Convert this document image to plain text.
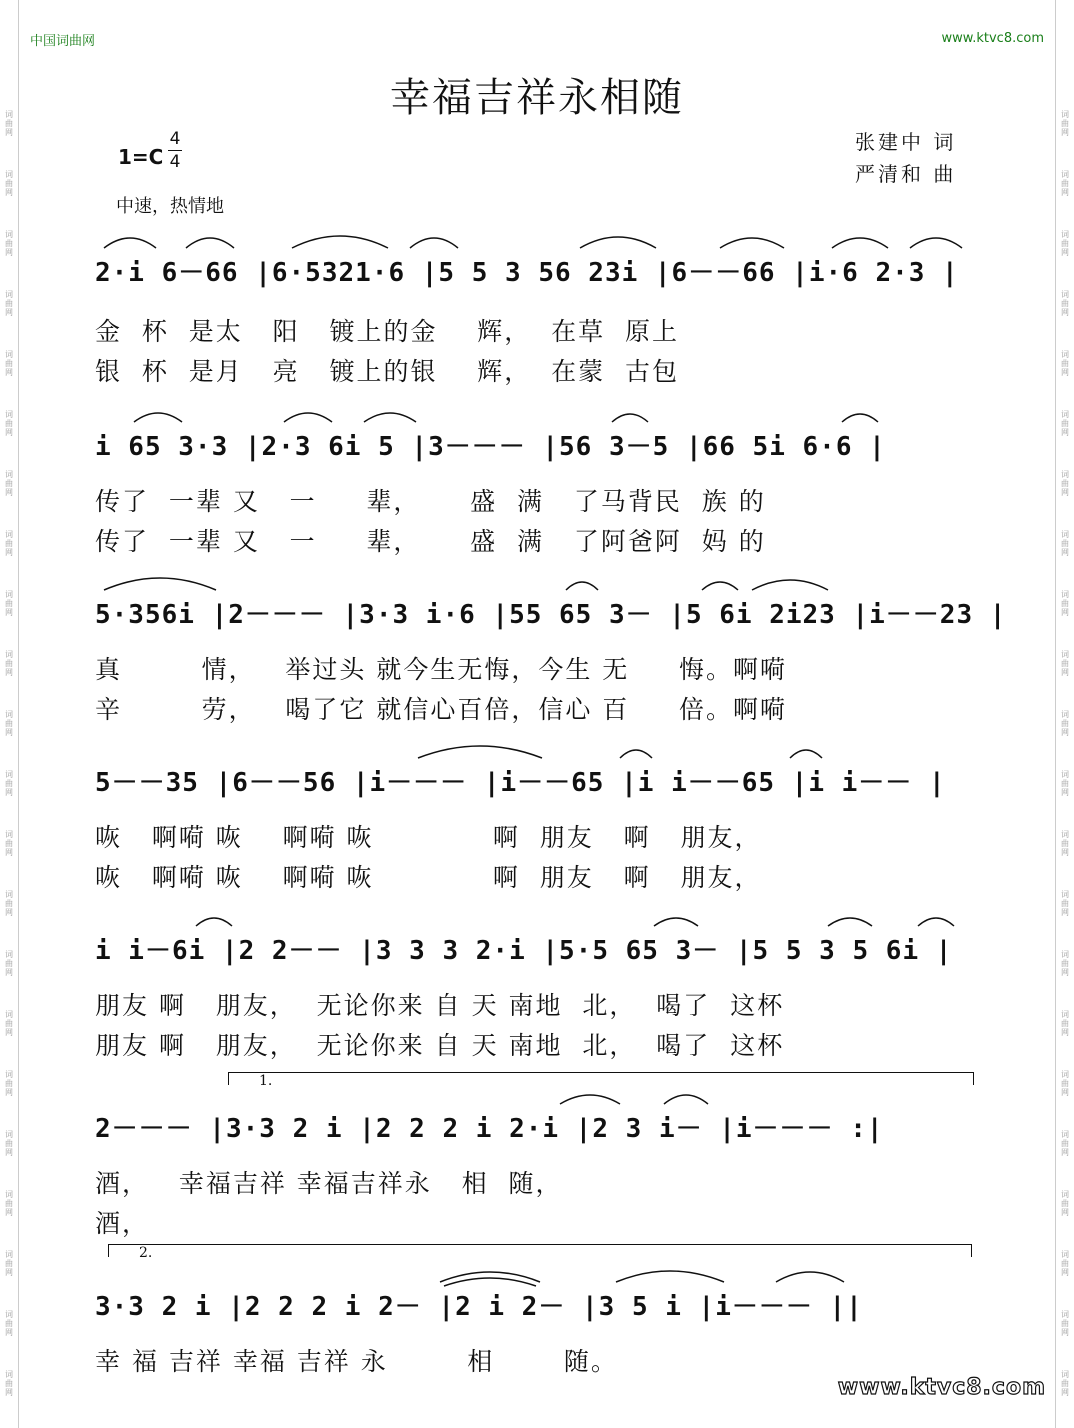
词
曲
网
词
曲
网
词
曲
网
词
曲
网
词
曲
网
词
曲
网
词
曲
网
词
曲
网
词
曲
网
词
曲
网
词
曲
网
词
曲
网
词
曲
网
词
曲
网
词
曲
网
词
曲
网
词
曲
网
词
曲
网
词
曲
网
词
曲
网
词
曲
网
词
曲
网
词
曲
网
词
曲
网
词
曲
网
词
曲
网
词
曲
网
词
曲
网
词
曲
网
词
曲
网
词
曲
网
词
曲
网
词
曲
网
词
曲
网
词
曲
网
词
曲
网
词
曲
网
词
曲
网
词
曲
网
词
曲
网
词
曲
网
词
曲
网
词
曲
网
词
曲
网
中国词曲网	www.ktvc8.com
幸福吉祥永相随
1=C
4
4
中速，热情地
张建中 词
严清和 曲
2·i 6－66 |6·5321·6 |5 5 3 56 23i |6－－66 |i·6 2·3 |
金  杯  是太   阳   镀上的金    辉，  在草  原上
银  杯  是月   亮   镀上的银    辉，  在蒙  古包
i 65 3·3 |2·3 6i 5 |3－－－ |56 3－5 |66 5i 6·6 |
传了  一辈 又   一     辈，     盛  满   了马背民  族 的
传了  一辈 又   一     辈，     盛  满   了阿爸阿  妈 的
5·356i |2－－－ |3·3 i·6 |55 65 3－ |5 6i 2i23 |i－－23 |
真        情，   举过头 就今生无悔，今生 无     悔。啊嗬
辛        劳，   喝了它 就信心百倍，信心 百     倍。啊嗬
5－－35 |6－－56 |i－－－ |i－－65 |i i－－65 |i i－－ |
咴   啊嗬 咴    啊嗬 咴            啊  朋友   啊   朋友，
咴   啊嗬 咴    啊嗬 咴            啊  朋友   啊   朋友，
i i－6i |2 2－－ |3 3 3 2·i |5·5 65 3－ |5 5 3 5 6i |
朋友 啊   朋友，  无论你来 自 天 南地  北，  喝了  这杯
朋友 啊   朋友，  无论你来 自 天 南地  北，  喝了  这杯
1.
2－－－ |3·3 2 i |2 2 2 i 2·i |2 3 i－ |i－－－ :|
酒，   幸福吉祥 幸福吉祥永   相  随，
酒，
2.
3·3 2 i |2 2 2 i 2－ |2 i 2－ |3 5 i |i－－－ ||
幸 福 吉祥 幸福 吉祥 永        相       随。
www.ktvc8.com
